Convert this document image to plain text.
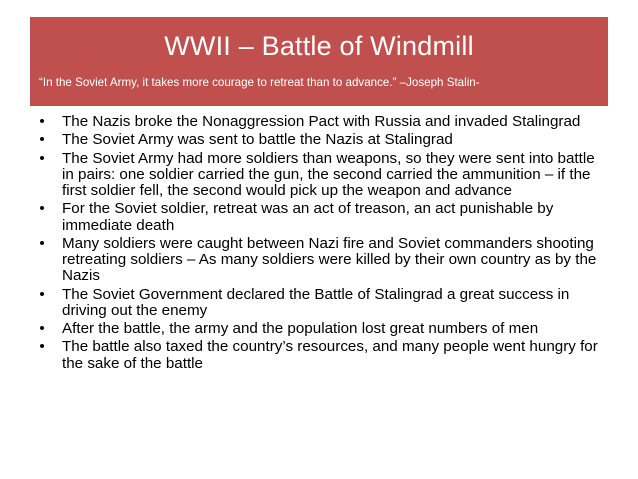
WWII – Battle of Windmill
“In the Soviet Army, it takes more courage to retreat than to advance.” –Joseph Stalin-
• The Nazis broke the Nonaggression Pact with Russia and invaded Stalingrad
• The Soviet Army was sent to battle the Nazis at Stalingrad
• The Soviet Army had more soldiers than weapons, so they were sent into battle in pairs: one soldier carried the gun, the second carried the ammunition – if the first soldier fell, the second would pick up the weapon and advance
• For the Soviet soldier, retreat was an act of treason, an act punishable by immediate death
• Many soldiers were caught between Nazi fire and Soviet commanders shooting retreating soldiers – As many soldiers were killed by their own country as by the Nazis
• The Soviet Government declared the Battle of Stalingrad a great success in driving out the enemy
• After the battle, the army and the population lost great numbers of men
• The battle also taxed the country’s resources, and many people went hungry for the sake of the battle
